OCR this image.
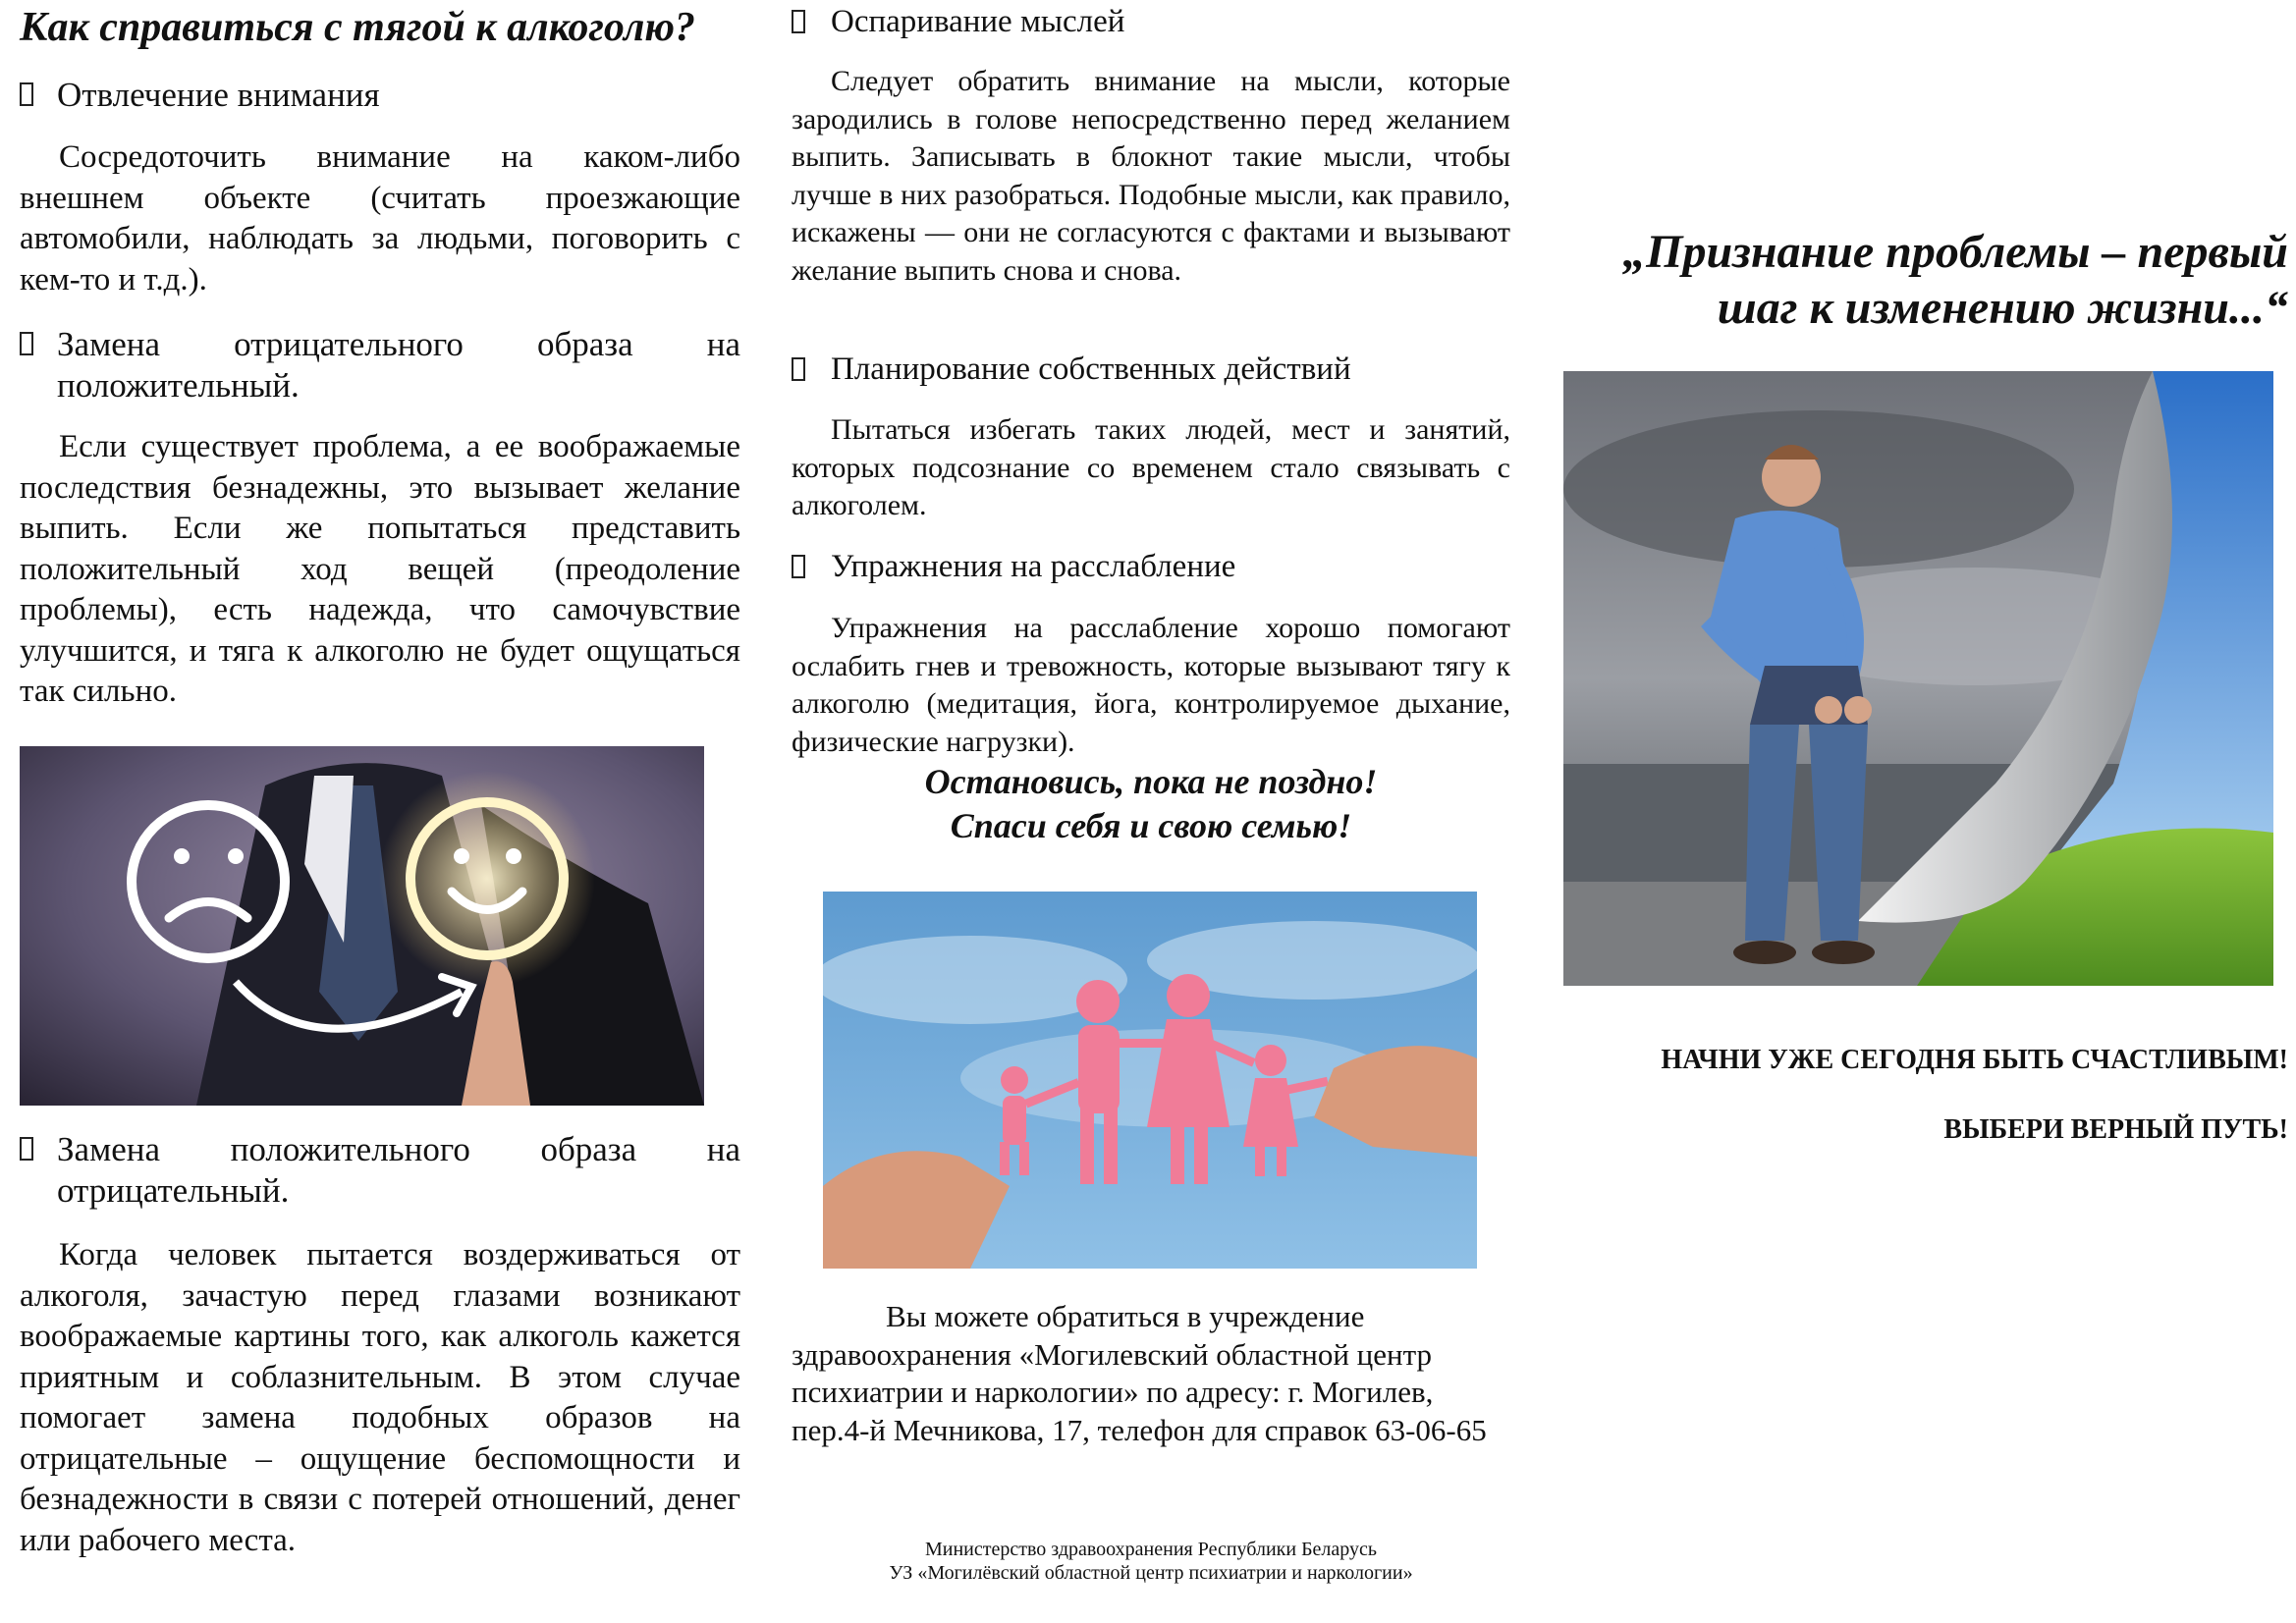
Как справиться с тягой к алкоголю?
Отвлечение внимания
Сосредоточить внимание на каком-либо внешнем объекте (считать проезжающие автомобили, наблюдать за людьми, поговорить с кем-то и т.д.).
Замена отрицательного образа на положительный.
Если существует проблема, а ее воображаемые последствия безнадежны, это вызывает желание выпить. Если же попытаться представить положительный ход вещей (преодоление проблемы), есть надежда, что самочувствие улучшится, и тяга к алкоголю не будет ощущаться так сильно.
Замена положительного образа на отрицательный.
Когда человек пытается воздерживаться от алкоголя, зачастую перед глазами возникают воображаемые картины того, как алкоголь кажется приятным и соблазнительным. В этом случае помогает замена подобных образов на отрицательные – ощущение беспомощности и безнадежности в связи с потерей отношений, денег или рабочего места.
Оспаривание мыслей
Следует обратить внимание на мысли, которые зародились в голове непосредственно перед желанием выпить. Записывать в блокнот такие мысли, чтобы лучше в них разобраться. Подобные мысли, как правило, искажены — они не согласуются с фактами и вызывают желание выпить снова и снова.
Планирование собственных действий
Пытаться избегать таких людей, мест и занятий, которых подсознание со временем стало связывать с алкоголем.
Упражнения на расслабление
Упражнения на расслабление хорошо помогают ослабить гнев и тревожность, которые вызывают тягу к алкоголю (медитация, йога, контролируемое дыхание, физические нагрузки).
Остановись, пока не поздно!
Спаси себя и свою семью!
Вы можете обратиться в учреждение здравоохранения «Могилевский областной центр психиатрии и наркологии» по адресу: г. Могилев, пер.4-й Мечникова, 17, телефон для справок 63-06-65
Министерство здравоохранения Республики Беларусь
УЗ «Могилёвский областной центр психиатрии и наркологии»
„Признание проблемы – первый
шаг к изменению жизни...“
НАЧНИ УЖЕ СЕГОДНЯ БЫТЬ СЧАСТЛИВЫМ!
ВЫБЕРИ ВЕРНЫЙ ПУТЬ!
